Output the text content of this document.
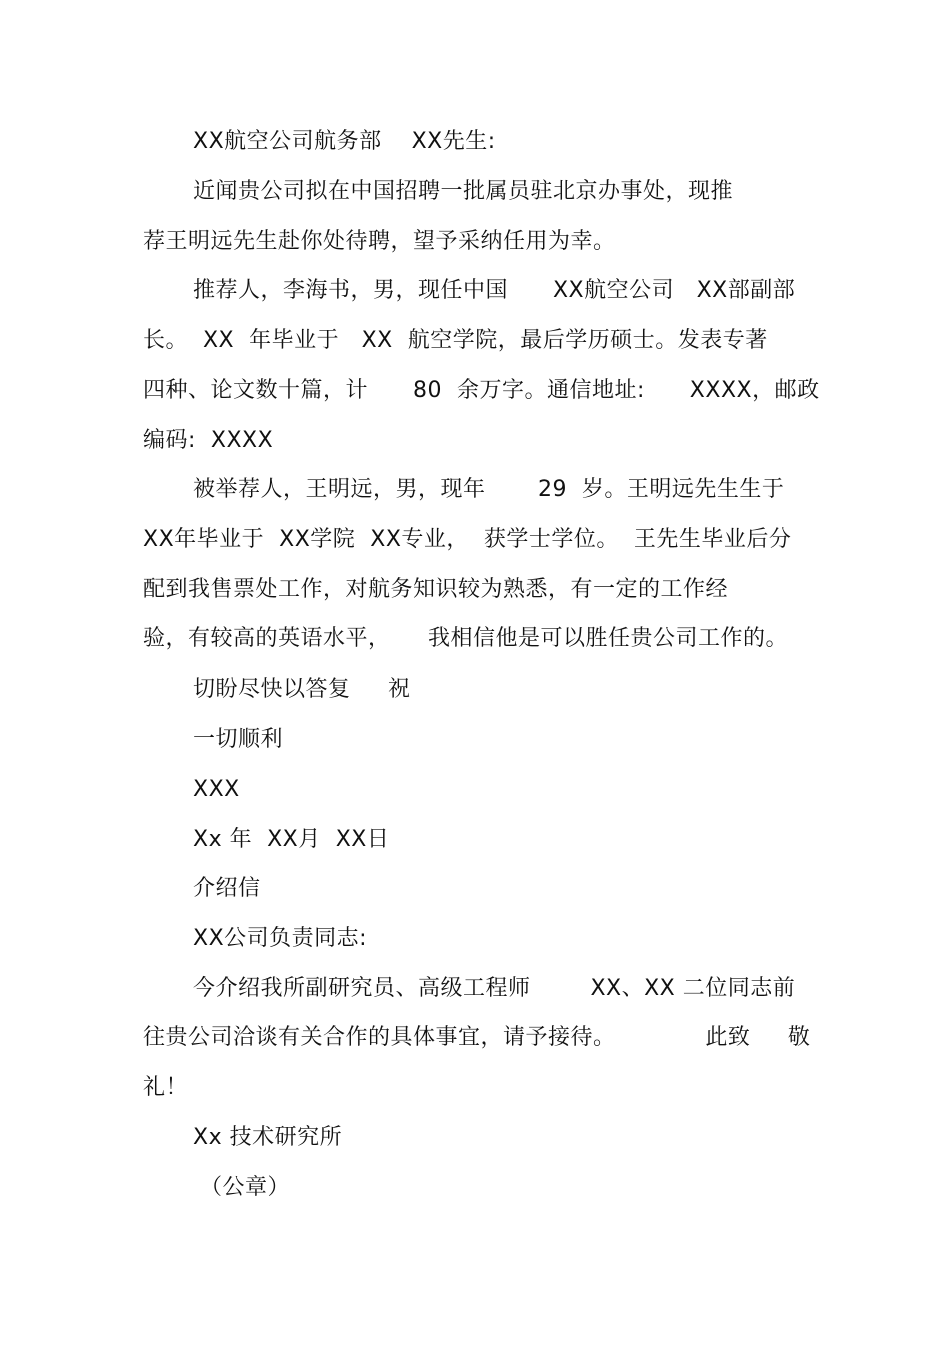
XX航空公司航务部    XX先生:
近闻贵公司拟在中国招聘一批属员驻北京办事处，现推
荐王明远先生赴你处待聘，望予采纳任用为幸。
推荐人，李海书，男，现任中国      XX航空公司   XX部副部
长。  XX  年毕业于   XX  航空学院，最后学历硕士。发表专著
四种、论文数十篇，计      80  余万字。通信地址:      XXXX，邮政
编码:  XXXX
被举荐人，王明远，男，现年       29  岁。王明远先生生于
XX年毕业于  XX学院  XX专业，  获学士学位。  王先生毕业后分
配到我售票处工作，对航务知识较为熟悉，有一定的工作经
验，有较高的英语水平，     我相信他是可以胜任贵公司工作的。
切盼尽快以答复     祝
一切顺利
XXX
Xx 年  XX月  XX日
介绍信
XX公司负责同志:
今介绍我所副研究员、高级工程师        XX、XX 二位同志前
往贵公司洽谈有关合作的具体事宜，请予接待。            此致     敬
礼！
Xx 技术研究所
（公章）
